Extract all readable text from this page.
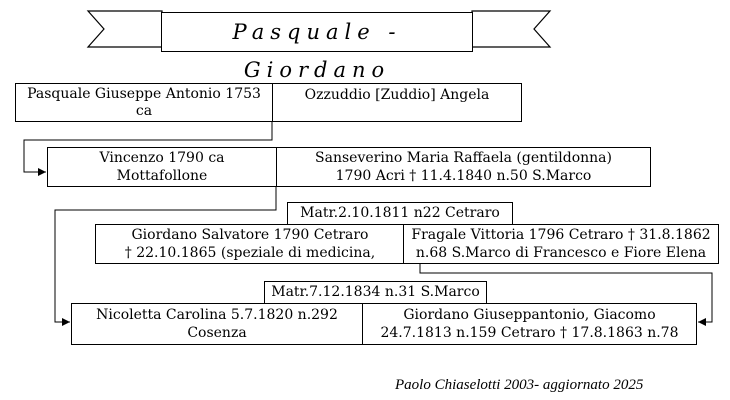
Pasquale - Giordano
Pasquale Giuseppe Antonio 1753
ca
Ozzuddio [Zuddio] Angela
Vincenzo 1790 ca
Mottafollone
Sanseverino Maria Raffaela (gentildonna)
1790 Acri † 11.4.1840 n.50 S.Marco
Matr.2.10.1811 n22 Cetraro
Giordano Salvatore 1790 Cetraro
† 22.10.1865 (speziale di medicina,
Fragale Vittoria 1796 Cetraro † 31.8.1862
n.68 S.Marco di Francesco e Fiore Elena
Matr.7.12.1834 n.31 S.Marco
Nicoletta Carolina 5.7.1820 n.292
Cosenza
Giordano Giuseppantonio, Giacomo
24.7.1813 n.159 Cetraro † 17.8.1863 n.78
Paolo Chiaselotti 2003- aggiornato 2025
